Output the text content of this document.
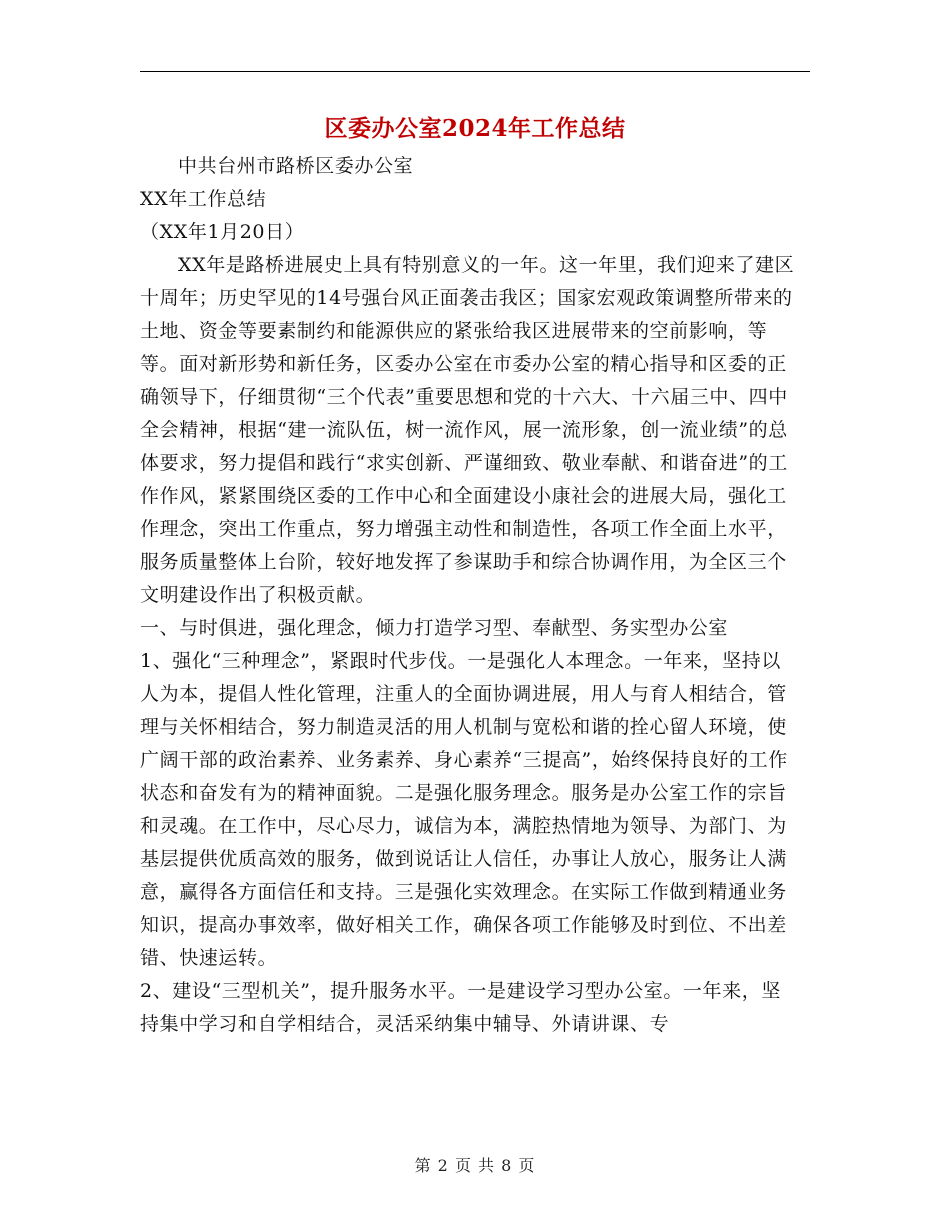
区委办公室2024年工作总结

中共台州市路桥区委办公室

XX年工作总结

（XX年1月20日）

XX年是路桥进展史上具有特别意义的一年。这一年里，我们迎来了建区十周年；历史罕见的14号强台风正面袭击我区；国家宏观政策调整所带来的土地、资金等要素制约和能源供应的紧张给我区进展带来的空前影响，等等。面对新形势和新任务，区委办公室在市委办公室的精心指导和区委的正确领导下，仔细贯彻“三个代表”重要思想和党的十六大、十六届三中、四中全会精神，根据“建一流队伍，树一流作风，展一流形象，创一流业绩”的总体要求，努力提倡和践行“求实创新、严谨细致、敬业奉献、和谐奋进”的工作作风，紧紧围绕区委的工作中心和全面建设小康社会的进展大局，强化工作理念，突出工作重点，努力增强主动性和制造性，各项工作全面上水平，服务质量整体上台阶，较好地发挥了参谋助手和综合协调作用，为全区三个文明建设作出了积极贡献。

一、与时俱进，强化理念，倾力打造学习型、奉献型、务实型办公室

1、强化“三种理念”，紧跟时代步伐。一是强化人本理念。一年来，坚持以人为本，提倡人性化管理，注重人的全面协调进展，用人与育人相结合，管理与关怀相结合，努力制造灵活的用人机制与宽松和谐的拴心留人环境，使广阔干部的政治素养、业务素养、身心素养“三提高”，始终保持良好的工作状态和奋发有为的精神面貌。二是强化服务理念。服务是办公室工作的宗旨和灵魂。在工作中，尽心尽力，诚信为本，满腔热情地为领导、为部门、为基层提供优质高效的服务，做到说话让人信任，办事让人放心，服务让人满意，赢得各方面信任和支持。三是强化实效理念。在实际工作做到精通业务知识，提高办事效率，做好相关工作，确保各项工作能够及时到位、不出差错、快速运转。

2、建设“三型机关”，提升服务水平。一是建设学习型办公室。一年来，坚持集中学习和自学相结合，灵活采纳集中辅导、外请讲课、专

第 2 页 共 8 页
